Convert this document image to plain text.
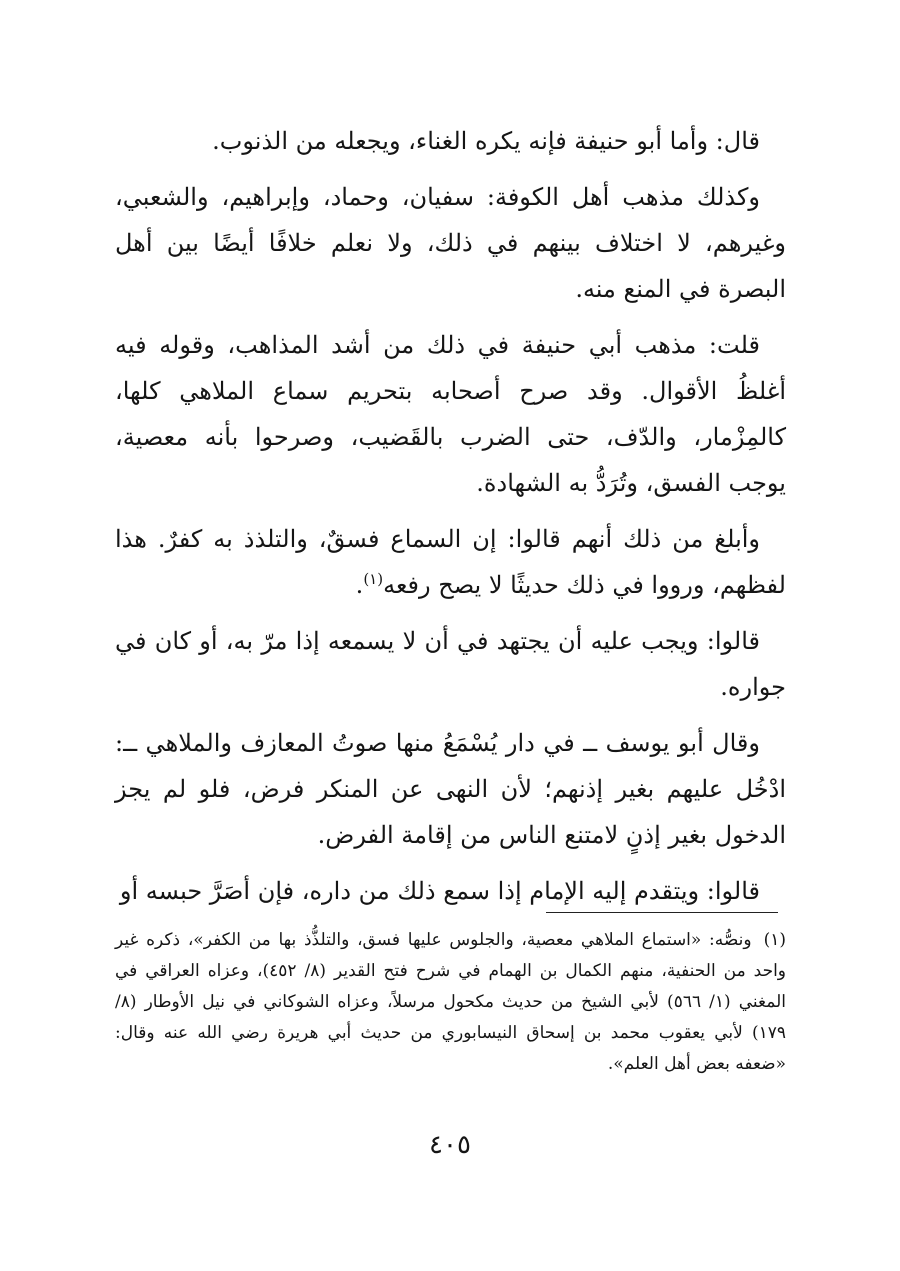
قال: وأما أبو حنيفة فإنه يكره الغناء، ويجعله من الذنوب.

وكذلك مذهب أهل الكوفة: سفيان، وحماد، وإبراهيم، والشعبي، وغيرهم، لا اختلاف بينهم في ذلك، ولا نعلم خلافًا أيضًا بين أهل البصرة في المنع منه.

قلت: مذهب أبي حنيفة في ذلك من أشد المذاهب، وقوله فيه أغلظُ الأقوال. وقد صرح أصحابه بتحريم سماع الملاهي كلها، كالمِزْمار، والدّف، حتى الضرب بالقَضيب، وصرحوا بأنه معصية، يوجب الفسق، وتُرَدُّ به الشهادة.

وأبلغ من ذلك أنهم قالوا: إن السماع فسقٌ، والتلذذ به كفرٌ. هذا لفظهم، ورووا في ذلك حديثًا لا يصح رفعه$^{(١)}$.

قالوا: ويجب عليه أن يجتهد في أن لا يسمعه إذا مرّ به، أو كان في جواره.

وقال أبو يوسف ــ في دار يُسْمَعُ منها صوتُ المعازف والملاهي ــ: ادْخُل عليهم بغير إذنهم؛ لأن النهى عن المنكر فرض، فلو لم يجز الدخول بغير إذنٍ لامتنع الناس من إقامة الفرض.

قالوا: ويتقدم إليه الإمام إذا سمع ذلك من داره، فإن أصَرَّ حبسه أو

(١)ونصُّه: «استماع الملاهي معصية، والجلوس عليها فسق، والتلذُّذ بها من الكفر»، ذكره غير واحد من الحنفية، منهم الكمال بن الهمام في شرح فتح القدير (٨/ ٤٥٢)، وعزاه العراقي في المغني (١/ ٥٦٦) لأبي الشيخ من حديث مكحول مرسلاً، وعزاه الشوكاني في نيل الأوطار (٨/ ١٧٩) لأبي يعقوب محمد بن إسحاق النيسابوري من حديث أبي هريرة رضي الله عنه وقال: «ضعفه بعض أهل العلم».
٤٠٥
